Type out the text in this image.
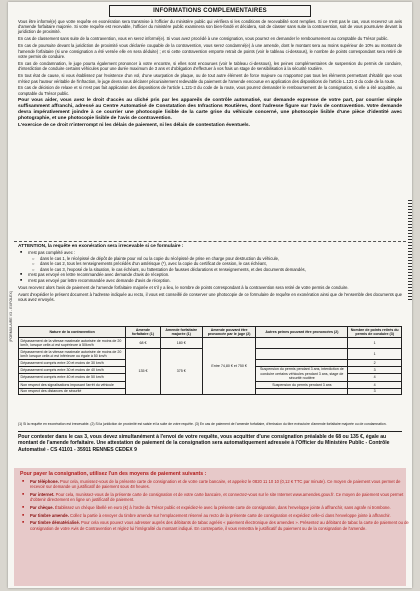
INFORMATIONS COMPLEMENTAIRES

Vous être informé(e) que votre requête en exonération sera transmise à l'officier du ministère public qui vérifiera si les conditions de recevabilité sont remplies. Si ce n'est pas le cas, vous recevrez un avis d'amende forfaitaire majorée. Si votre requête est recevable, l'officier du ministère public examinera son bien-fondé et décidera, soit de classer sans suite la contravention, soit de vous poursuivre devant la juridiction de proximité.

En cas de classement sans suite de la contravention, vous en serez informé(e). Si vous avez procédé à une consignation, vous pourrez en demander le remboursement au comptable du Trésor public.

En cas de poursuite devant la juridiction de proximité vous déclarée coupable de la contravention, vous serez condamné(e) à une amende, dont le montant sera au moins supérieur de 10% au montant de l'amende forfaitaire (si une consignation a été versée elle en sera déduite) ; et si cette contravention emporte retrait de points (voir le tableau ci-dessous), le nombre de points correspondant sera retiré de votre permis de conduire.

En cas de condamnation, le juge pourra également prononcer à votre encontre, si elles sont encourues (voir le tableau ci-dessous), les peines complémentaires de suspension du permis de conduire, d'interdiction de conduire certains véhicules pour une durée maximum de 3 ans et d'obligation d'effectuer à vos frais un stage de sensibilisation à la sécurité routière.

En tout état de cause, si vous établissez par l'existence d'un vol, d'une usurpation de plaque, ou de tout autre élément de force majeure ou n'apportez pas tous les éléments permettant d'établir que vous n'étiez pas l'auteur véritable de l'infraction, le juge devra vous déclarer pécuniairement redevable du paiement de l'amende encourue en application des dispositions de l'article L.121-3 du code de la route.

En cas de décision de relaxe et si n'est pas fait application des dispositions de l'article L.121-3 du code de la route, vous pourrez demander le remboursement de la consignation, si elle a été acquittée, au comptable du Trésor public.

Pour vous aider, vous avez le droit d'accès au cliché pris par les appareils de contrôle automatisé, sur demande expresse de votre part, par courrier simple suffisamment affranchi, adressé au Centre Automatisé de Constatation des Infractions Routières, dont l'adresse figure sur l'avis de contravention. Votre demande devra impérativement joindre à ce courrier une photocopie lisible de la carte grise du véhicule concerné, une photocopie lisible d'une pièce d'identité avec photographie, et une photocopie lisible de l'avis de contravention.

L'exercice de ce droit n'interrompt ni les délais de paiement, ni les délais de contestation éventuels.

ATTENTION, la requête en exonération sera irrecevable si ce formulaire :
■ n'est pas complété avec :
○ dans le cas 1, le récépissé de dépôt de plainte pour vol ou la copie du récépissé de prise en charge pour destruction du véhicule,
○ dans le cas 2, tous les renseignements précédés d'un astérisque (*), avec la copie du certificat de cession, le cas échéant,
○ dans le cas 3, l'exposé de la situation, le cas échéant, ou l'attestation de fausses déclarations et renseignements, et des documents demandés,
■ n'est pas envoyé en lettre recommandée avec demande d'avis de réception.
■ n'est pas envoyé par lettre recommandée avec demande d'avis de réception.

Vous recevrez alors l'avis de paiement de l'amende forfaitaire majorée et s'il y a lieu, le nombre de points correspondant à la contravention sera retiré de votre permis de conduire.

Avant d'expédier le présent document à l'adresse indiquée au recto, il vous est conseillé de conserver une photocopie de ce formulaire de requête en exonération ainsi que de l'ensemble des documents que vous avez envoyés.

Nature de la contravention	Amende forfaitaire (1)	Amende forfaitaire majorée (1)	Amende pouvant être prononcée par le juge (2)	Autres peines pouvant être prononcées (2)	Nombre de points retirés du permis de conduire (3)
Dépassement de la vitesse maximale autorisée de moins de 20 km/h, lorsque celle-ci est supérieure à 50km/h	68 €	180 €	Entre 74,80 € et 750 €		1
Dépassement de la vitesse maximale autorisée de moins de 20 km/h lorsque celle-ci est inférieure ou égale à 50 km/h	135 €	375 €			1
Dépassement compris entre 20 et moins de 30 km/h					2
Dépassement compris entre 30 et moins de 40 km/h				Suspension du permis pendant 3 ans, interdiction de conduire certains véhicules pendant 3 ans, stage de sécurité routière	3
Dépassement compris entre 40 et moins de 50 km/h					4
Non respect des signalisations imposant l'arrêt du véhicule				Suspension du permis pendant 3 ans	4
Non respect des distances de sécurité					3
(1) Si la requête en exonération est irrecevable. (2) Si la juridiction de proximité est saisie et la suite de votre requête. (3) En cas de paiement de l'amende forfaitaire, d'émission du titre exécutoire d'amende forfaitaire majorée ou de condamnation.
Pour contester dans le cas 3, vous devez simultanément à l'envoi de votre requête, vous acquitter d'une consignation préalable de 68 ou 135 €, égale au montant de l'amende forfaitaire. Une attestation de paiement de la consignation sera automatiquement adressée à l'Officier du Ministère Public - Contrôle Automatisé - CS 41101 - 35911 RENNES CEDEX 9
Pour payer la consignation, utilisez l'un des moyens de paiement suivants :
■ Par téléphone. Pour cela, munissez-vous de la présente carte de consignation et de votre carte bancaire, et appelez le 0820 11 10 10 (0,12 € TTC par minute). Ce moyen de paiement vous permet de recevoir sur demande un justificatif de paiement sous 48 heures.
■ Par internet. Pour cela, munissez-vous de la présente carte de consignation et de votre carte bancaire, et connectez-vous sur le site Internet www.amendes.gouv.fr. Ce moyen de paiement vous permet d'obtenir directement en ligne un justificatif de paiement.
■ Par chèque. Établissez un chèque libellé en euro (€) à l'ordre du Trésor public et expédiez-le avec la présente carte de consignation, dans l'enveloppe jointe à affranchir, sans agrafe ni trombone.
■ Par timbre amende. Collez la partie à envoyer du timbre amende sur l'emplacement réservé au recto de la présente carte de consignation et expédiez celle-ci dans l'enveloppe jointe à affranchir.
■ Par timbre dématérialisé. Pour cela vous pouvez vous adresser auprès des débitants de tabac agréés « paiement électronique des amendes ». Présentez au débitant de tabac la carte de paiement ou de consignation de votre Avis de Contravention et réglez lui l'intégralité du montant indiqué. En contrepartie, il vous remettra le justificatif du paiement ou de la consignation de l'amende.
(FORMULAIRE V3 - EXFOLEX)
